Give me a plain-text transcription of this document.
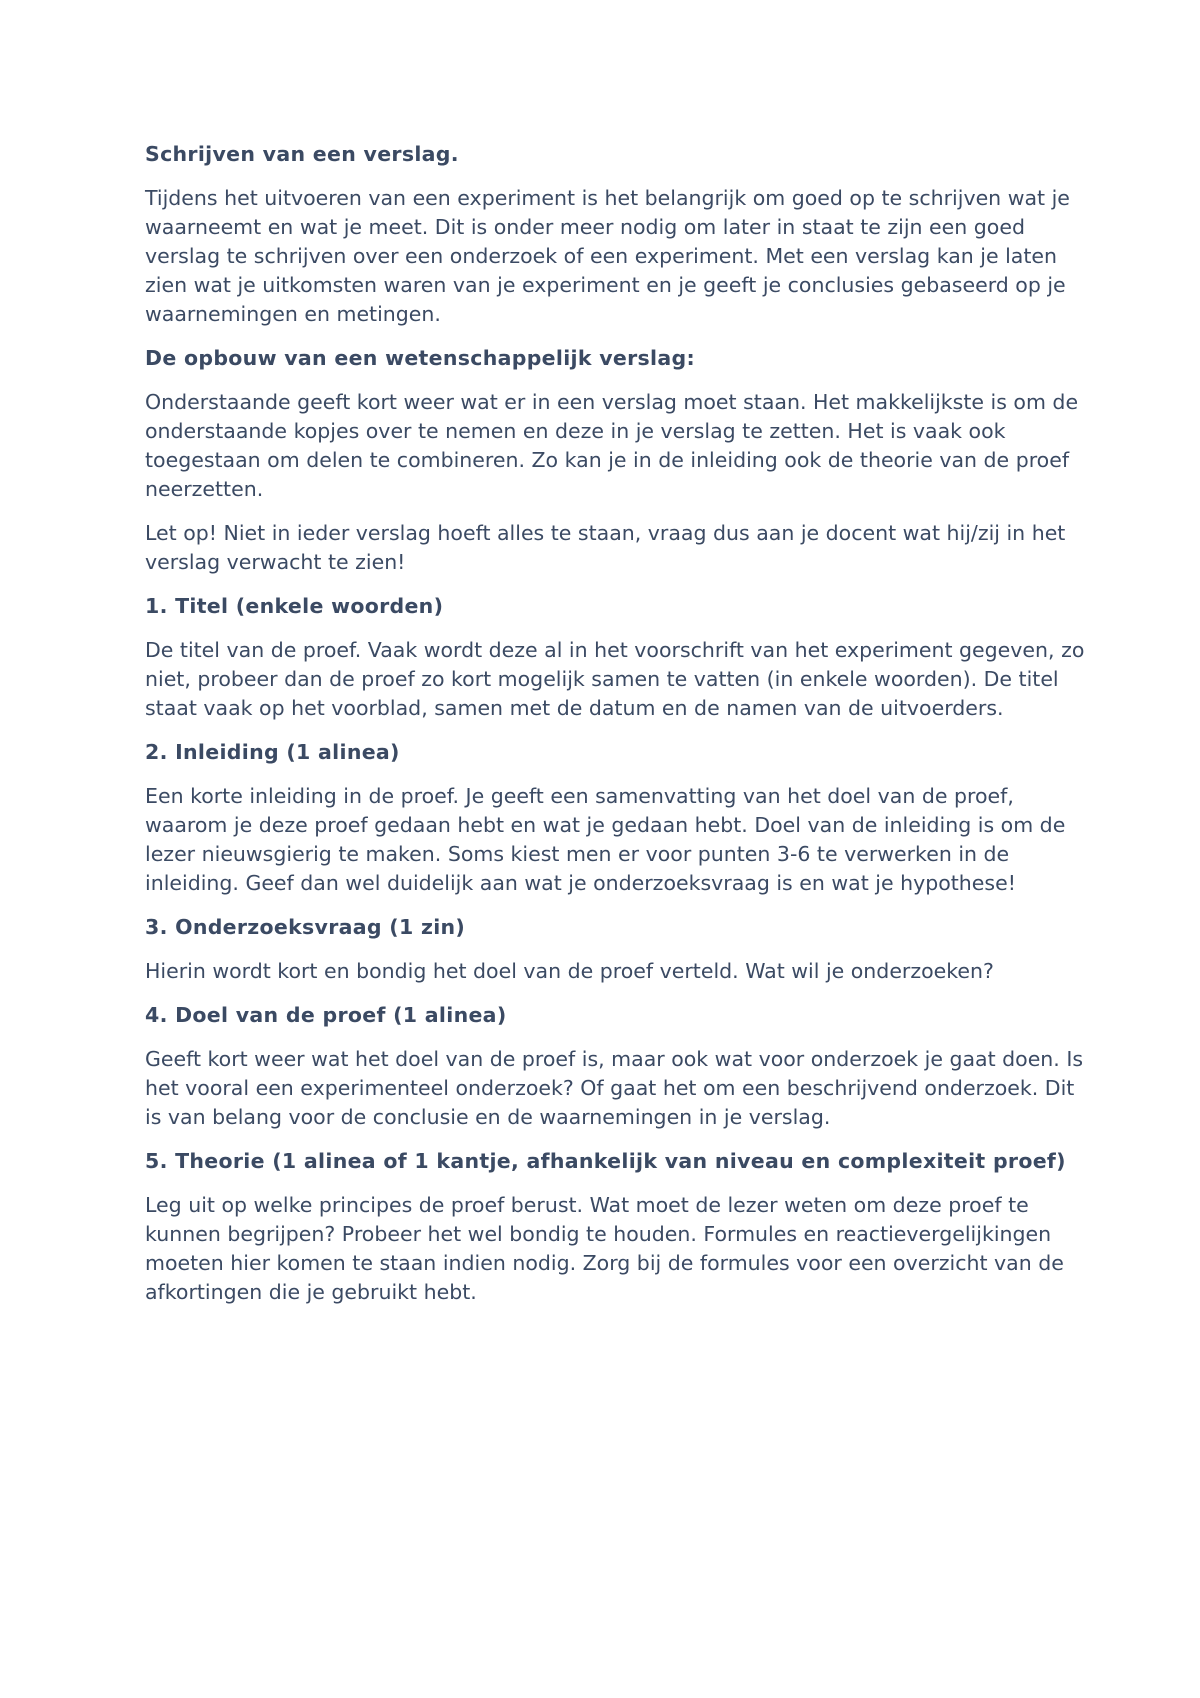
Schrijven van een verslag.
Tijdens het uitvoeren van een experiment is het belangrijk om goed op te schrijven wat je waarneemt en wat je meet. Dit is onder meer nodig om later in staat te zijn een goed verslag te schrijven over een onderzoek of een experiment. Met een verslag kan je laten zien wat je uitkomsten waren van je experiment en je geeft je conclusies gebaseerd op je waarnemingen en metingen.
De opbouw van een wetenschappelijk verslag:
Onderstaande geeft kort weer wat er in een verslag moet staan. Het makkelijkste is om de onderstaande kopjes over te nemen en deze in je verslag te zetten. Het is vaak ook toegestaan om delen te combineren. Zo kan je in de inleiding ook de theorie van de proef neerzetten.
Let op! Niet in ieder verslag hoeft alles te staan, vraag dus aan je docent wat hij/zij in het verslag verwacht te zien!
1. Titel (enkele woorden)
De titel van de proef. Vaak wordt deze al in het voorschrift van het experiment gegeven, zo niet, probeer dan de proef zo kort mogelijk samen te vatten (in enkele woorden). De titel staat vaak op het voorblad, samen met de datum en de namen van de uitvoerders.
2. Inleiding (1 alinea)
Een korte inleiding in de proef. Je geeft een samenvatting van het doel van de proef, waarom je deze proef gedaan hebt en wat je gedaan hebt. Doel van de inleiding is om de lezer nieuwsgierig te maken. Soms kiest men er voor punten 3-6 te verwerken in de inleiding. Geef dan wel duidelijk aan wat je onderzoeksvraag is en wat je hypothese!
3. Onderzoeksvraag (1 zin)
Hierin wordt kort en bondig het doel van de proef verteld. Wat wil je onderzoeken?
4. Doel van de proef (1 alinea)
Geeft kort weer wat het doel van de proef is, maar ook wat voor onderzoek je gaat doen. Is het vooral een experimenteel onderzoek? Of gaat het om een beschrijvend onderzoek. Dit is van belang voor de conclusie en de waarnemingen in je verslag.
5. Theorie (1 alinea of 1 kantje, afhankelijk van niveau en complexiteit proef)
Leg uit op welke principes de proef berust. Wat moet de lezer weten om deze proef te kunnen begrijpen? Probeer het wel bondig te houden. Formules en reactievergelijkingen moeten hier komen te staan indien nodig. Zorg bij de formules voor een overzicht van de afkortingen die je gebruikt hebt.
